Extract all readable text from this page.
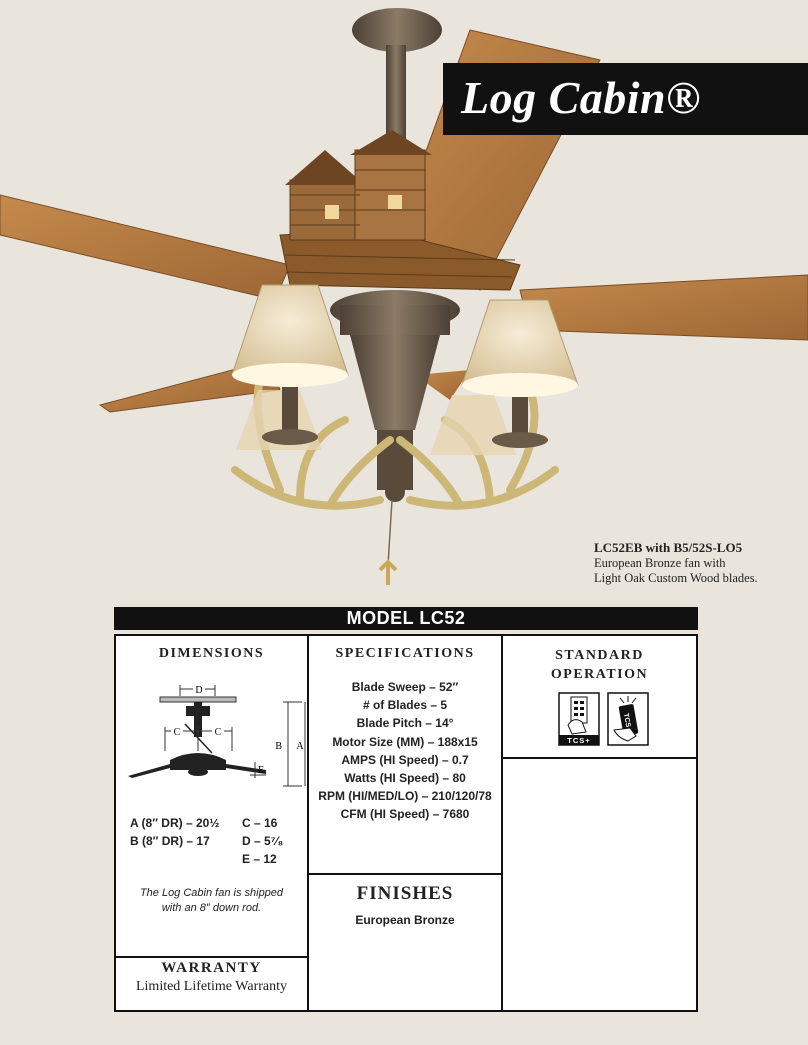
Log Cabin®
LC52EB with B5/52S-LO5
European Bronze fan with
Light Oak Custom Wood blades.
MODEL LC52
DIMENSIONS
D
C	C
B A
E
A (8″ DR) – 20½ C – 16
B (8″ DR) – 17	D – 5⁷⁄₈
E – 12
The Log Cabin fan is shipped
with an 8″ down rod.
SPECIFICATIONS
Blade Sweep – 52″
# of Blades – 5
Blade Pitch – 14°
Motor Size (MM) – 188x15
AMPS (HI Speed) – 0.7
Watts (HI Speed) – 80
RPM (HI/MED/LO) – 210/120/78
CFM (HI Speed) – 7680
FINISHES
European Bronze
STANDARD
OPERATION
TCS+
TCS
WARRANTY
Limited Lifetime Warranty
